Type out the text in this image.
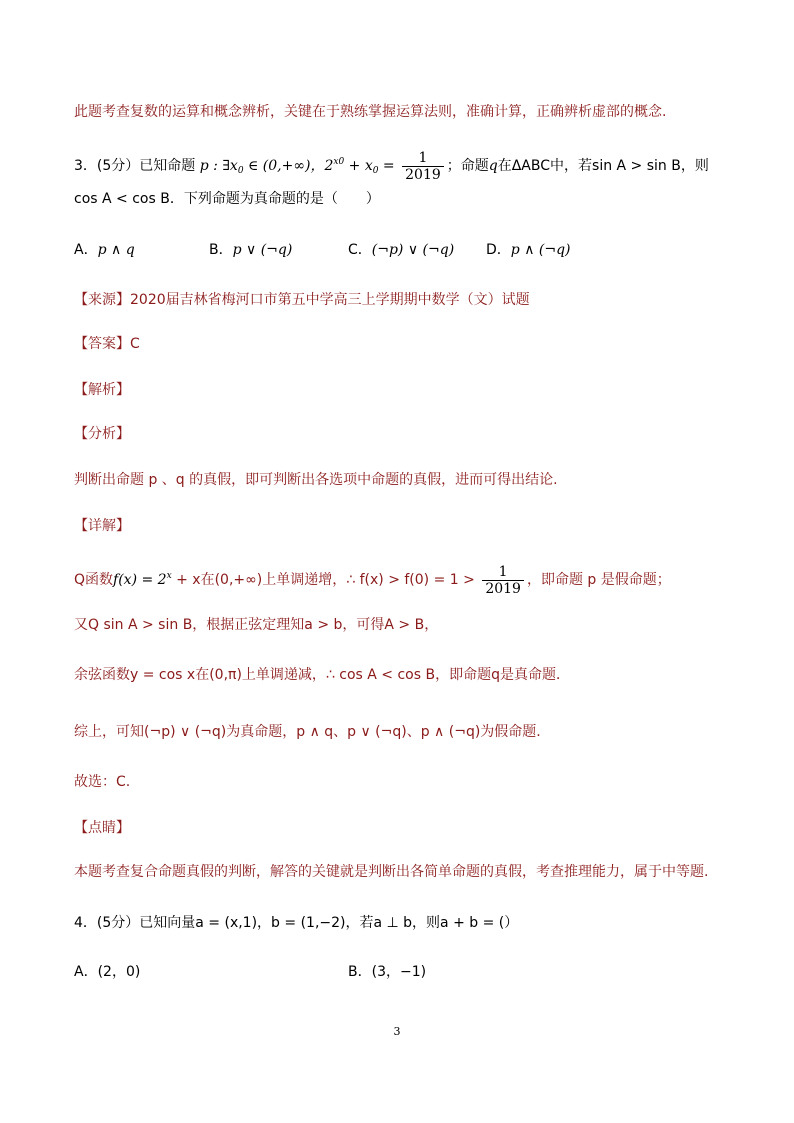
此题考查复数的运算和概念辨析，关键在于熟练掌握运算法则，准确计算，正确辨析虚部的概念.
3．(5分）已知命题 p : $\exists x_0$ ∈ (0,+∞)，$2^{x0} + x_0 = \frac{1}{2019}$ ；命题q在ΔABC中，若sin A > sin B，则
cos A < cos B．下列命题为真命题的是（　　）
A．p ∧ q	B．p ∨ (¬q)	C．(¬p) ∨ (¬q) D．p ∧ (¬q)
【来源】2020届吉林省梅河口市第五中学高三上学期期中数学（文）试题
【答案】C
【解析】
【分析】
判断出命题 p 、q 的真假，即可判断出各选项中命题的真假，进而可得出结论.
【详解】
Q函数$f(x) = 2^x + x$在(0,+∞)上单调递增，∴ $f(x) > f(0) = 1 > \frac{1}{2019}$ ，即命题 p 是假命题；
又Q sin A > sin B，根据正弦定理知a > b，可得A > B，
余弦函数y = cos x在(0,π)上单调递减，∴ cos A < cos B，即命题q是真命题．
综上，可知(¬p) ∨ (¬q)为真命题，p ∧ q、p ∨ (¬q)、p ∧ (¬q)为假命题.
故选：C.
【点睛】
本题考查复合命题真假的判断，解答的关键就是判断出各简单命题的真假，考查推理能力，属于中等题.
4．(5分）已知向量a = (x,1)，b = (1,−2)，若a ⊥ b，则a + b = (）
A．(2，0)	B．(3，−1)
3
